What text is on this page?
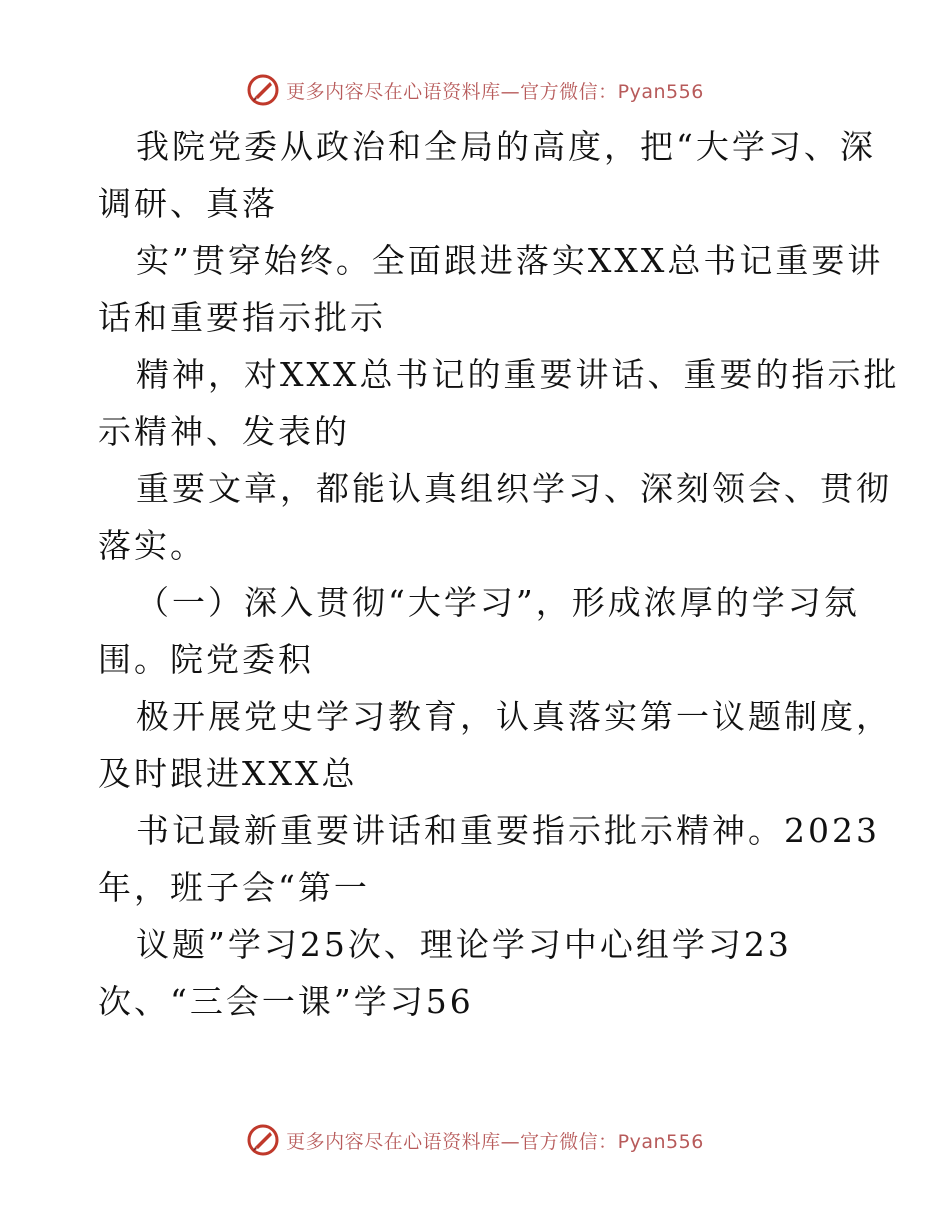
更多内容尽在心语资料库—官方微信：Pyan556
我院党委从政治和全局的高度，把“大学习、深
调研、真落
实”贯穿始终。全面跟进落实XXX总书记重要讲
话和重要指示批示
精神，对XXX总书记的重要讲话、重要的指示批
示精神、发表的
重要文章，都能认真组织学习、深刻领会、贯彻
落实。
（一）深入贯彻“大学习”，形成浓厚的学习氛
围。院党委积
极开展党史学习教育，认真落实第一议题制度，
及时跟进XXX总
书记最新重要讲话和重要指示批示精神。2023
年，班子会“第一
议题”学习25次、理论学习中心组学习23
次、“三会一课”学习56
更多内容尽在心语资料库—官方微信：Pyan556
